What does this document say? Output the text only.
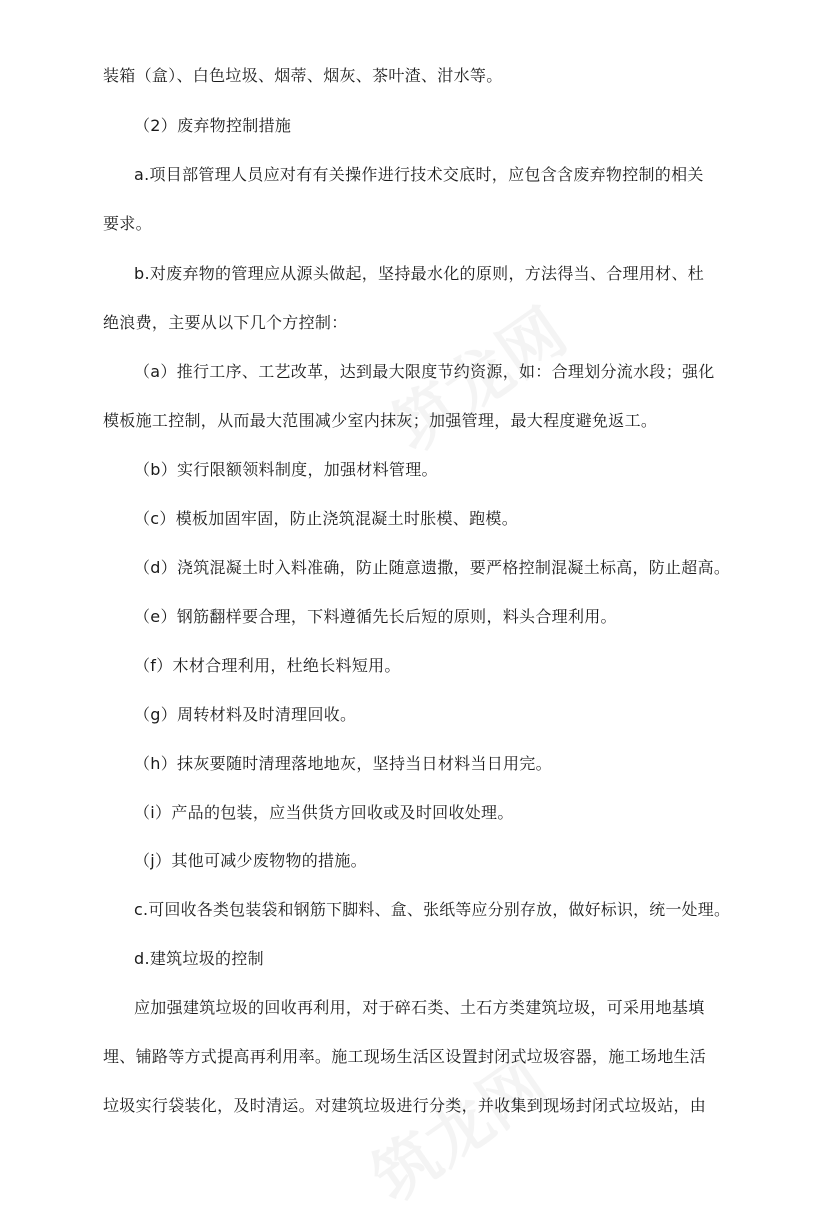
装箱（盒）、白色垃圾、烟蒂、烟灰、茶叶渣、泔水等。
（2）废弃物控制措施
a.项目部管理人员应对有有关操作进行技术交底时，应包含含废弃物控制的相关
要求。
b.对废弃物的管理应从源头做起，坚持最水化的原则，方法得当、合理用材、杜
绝浪费，主要从以下几个方控制：
（a）推行工序、工艺改革，达到最大限度节约资源，如：合理划分流水段；强化
模板施工控制，从而最大范围减少室内抹灰；加强管理，最大程度避免返工。
（b）实行限额领料制度，加强材料管理。
（c）模板加固牢固，防止浇筑混凝土时胀模、跑模。
（d）浇筑混凝土时入料准确，防止随意遗撒，要严格控制混凝土标高，防止超高。
（e）钢筋翻样要合理，下料遵循先长后短的原则，料头合理利用。
（f）木材合理利用，杜绝长料短用。
（g）周转材料及时清理回收。
（h）抹灰要随时清理落地地灰，坚持当日材料当日用完。
（i）产品的包装，应当供货方回收或及时回收处理。
（j）其他可减少废物物的措施。
c.可回收各类包装袋和钢筋下脚料、盒、张纸等应分别存放，做好标识，统一处理。
d.建筑垃圾的控制
应加强建筑垃圾的回收再利用，对于碎石类、土石方类建筑垃圾，可采用地基填
埋、铺路等方式提高再利用率。施工现场生活区设置封闭式垃圾容器，施工场地生活
垃圾实行袋装化，及时清运。对建筑垃圾进行分类，并收集到现场封闭式垃圾站，由
